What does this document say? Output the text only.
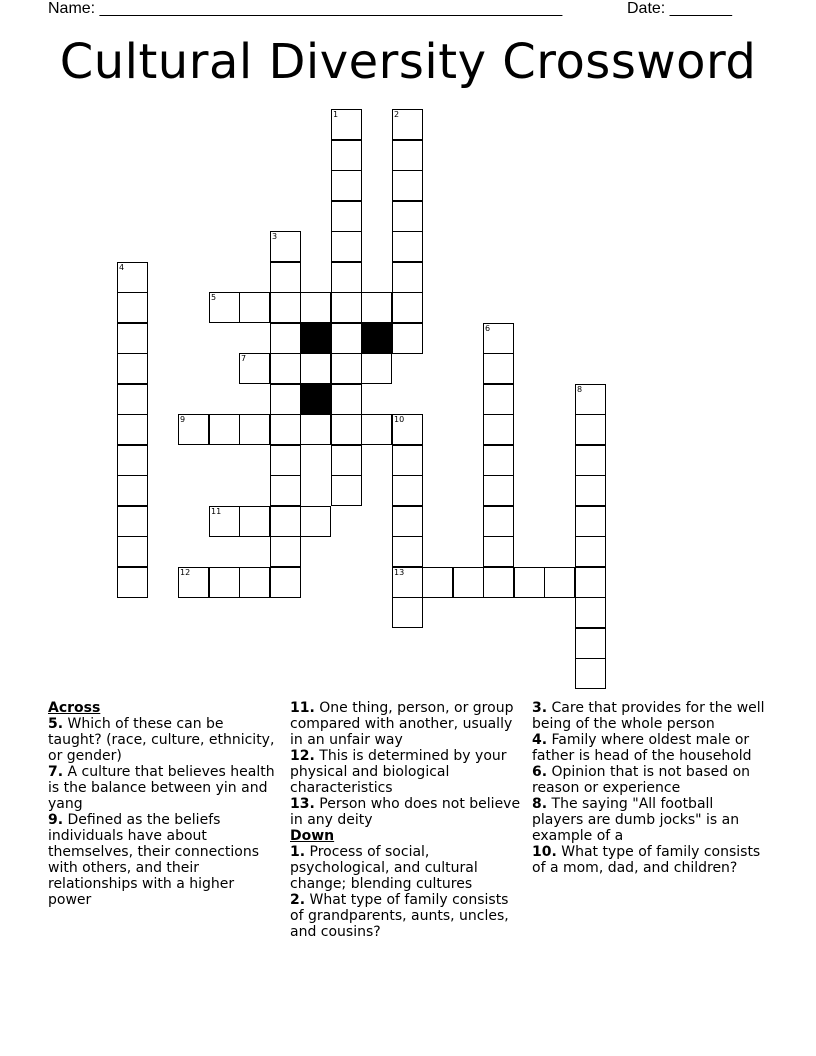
Name: ____________________________________________________	Date: _______
Cultural Diversity Crossword
1	2
3
4
5
6
7
8
9	10
11
12	13
Across
5. Which of these can be taught? (race, culture, ethnicity, or gender)
7. A culture that believes health is the balance between yin and yang
9. Defined as the beliefs individuals have about themselves, their connections with others, and their relationships with a higher power
11. One thing, person, or group compared with another, usually in an unfair way
12. This is determined by your physical and biological characteristics
13. Person who does not believe in any deity
Down
1. Process of social, psychological, and cultural change; blending cultures
2. What type of family consists of grandparents, aunts, uncles, and cousins?
3. Care that provides for the well being of the whole person
4. Family where oldest male or father is head of the household
6. Opinion that is not based on reason or experience
8. The saying "All football players are dumb jocks" is an example of a
10. What type of family consists of a mom, dad, and children?
